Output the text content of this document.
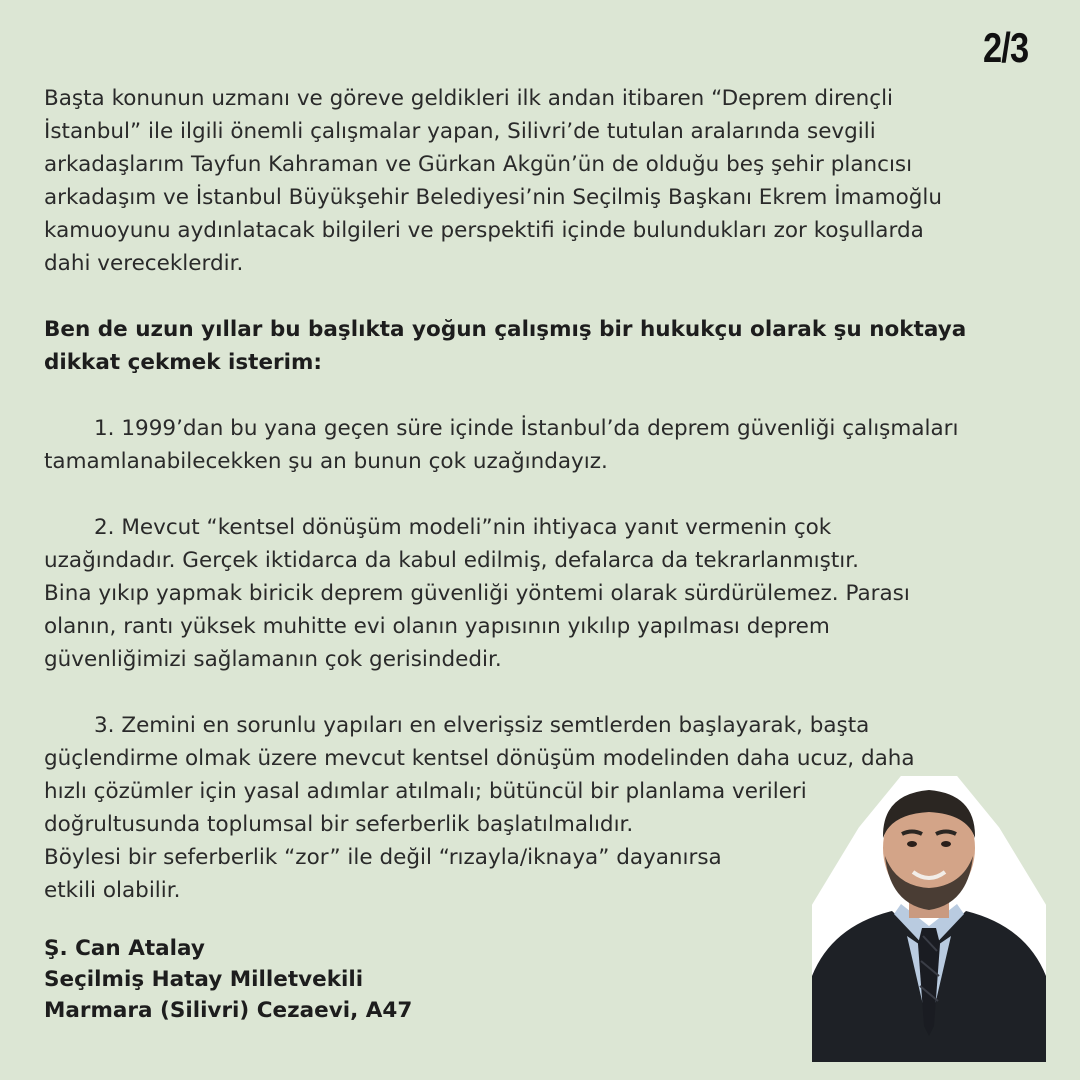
2/3

Başta konunun uzmanı ve göreve geldikleri ilk andan itibaren “Deprem dirençli
İstanbul” ile ilgili önemli çalışmalar yapan, Silivri’de tutulan aralarında sevgili
arkadaşlarım Tayfun Kahraman ve Gürkan Akgün’ün de olduğu beş şehir plancısı
arkadaşım ve İstanbul Büyükşehir Belediyesi’nin Seçilmiş Başkanı Ekrem İmamoğlu
kamuoyunu aydınlatacak bilgileri ve perspektifi içinde bulundukları zor koşullarda
dahi vereceklerdir.

Ben de uzun yıllar bu başlıkta yoğun çalışmış bir hukukçu olarak şu noktaya
dikkat çekmek isterim:

1. 1999’dan bu yana geçen süre içinde İstanbul’da deprem güvenliği çalışmaları
tamamlanabilecekken şu an bunun çok uzağındayız.

2. Mevcut “kentsel dönüşüm modeli”nin ihtiyaca yanıt vermenin çok
uzağındadır. Gerçek iktidarca da kabul edilmiş, defalarca da tekrarlanmıştır.
Bina yıkıp yapmak biricik deprem güvenliği yöntemi olarak sürdürülemez. Parası
olanın, rantı yüksek muhitte evi olanın yapısının yıkılıp yapılması deprem
güvenliğimizi sağlamanın çok gerisindedir.

3. Zemini en sorunlu yapıları en elverişsiz semtlerden başlayarak, başta
güçlendirme olmak üzere mevcut kentsel dönüşüm modelinden daha ucuz, daha
hızlı çözümler için yasal adımlar atılmalı; bütüncül bir planlama verileri
doğrultusunda toplumsal bir seferberlik başlatılmalıdır.
Böylesi bir seferberlik “zor” ile değil “rızayla/iknaya” dayanırsa
etkili olabilir.

Ş. Can Atalay
Seçilmiş Hatay Milletvekili
Marmara (Silivri) Cezaevi, A47
